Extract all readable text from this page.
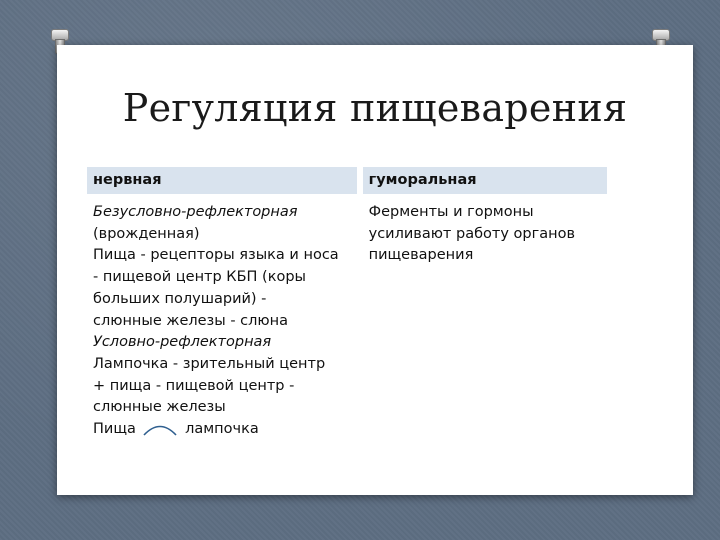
Регуляция пищеварения
нервная	гуморальная
Безусловно-рефлекторная
(врожденная)
Пища - рецепторы языка и носа
- пищевой центр КБП (коры
больших полушарий) -
слюнные железы - слюна
Условно-рефлекторная
Лампочка - зрительный центр
+ пища - пищевой центр -
слюнные железы
Пища	лампочка
Ферменты и гормоны
усиливают работу органов
пищеварения
